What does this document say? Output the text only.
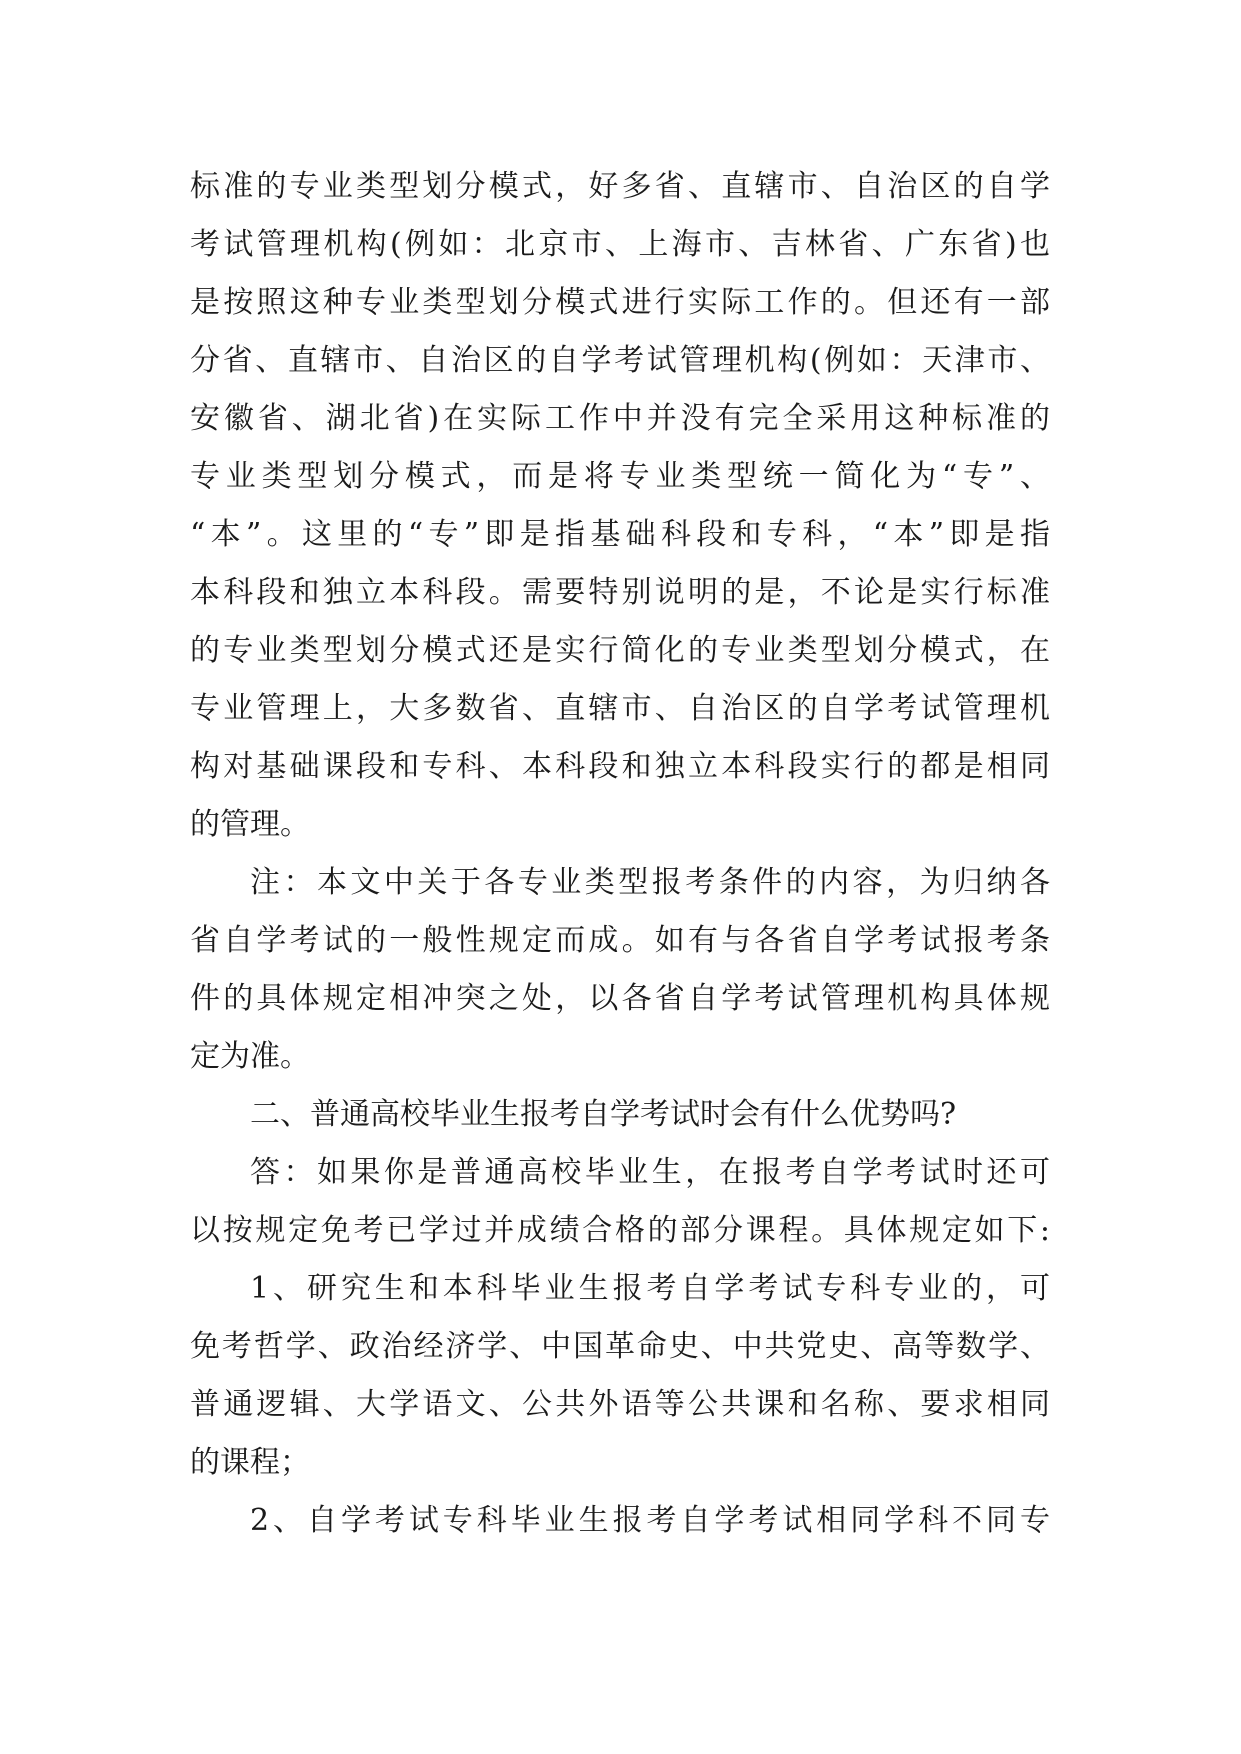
标准的专业类型划分模式，好多省、直辖市、自治区的自学
考试管理机构(例如：北京市、上海市、吉林省、广东省)也
是按照这种专业类型划分模式进行实际工作的。但还有一部
分省、直辖市、自治区的自学考试管理机构(例如：天津市、
安徽省、湖北省)在实际工作中并没有完全采用这种标准的
专业类型划分模式，而是将专业类型统一简化为“专”、
“本”。这里的“专”即是指基础科段和专科，“本”即是指
本科段和独立本科段。需要特别说明的是，不论是实行标准
的专业类型划分模式还是实行简化的专业类型划分模式，在
专业管理上，大多数省、直辖市、自治区的自学考试管理机
构对基础课段和专科、本科段和独立本科段实行的都是相同
的管理。
注：本文中关于各专业类型报考条件的内容，为归纳各
省自学考试的一般性规定而成。如有与各省自学考试报考条
件的具体规定相冲突之处，以各省自学考试管理机构具体规
定为准。
二、普通高校毕业生报考自学考试时会有什么优势吗?
答：如果你是普通高校毕业生，在报考自学考试时还可
以按规定免考已学过并成绩合格的部分课程。具体规定如下:
1、研究生和本科毕业生报考自学考试专科专业的，可
免考哲学、政治经济学、中国革命史、中共党史、高等数学、
普通逻辑、大学语文、公共外语等公共课和名称、要求相同
的课程；
2、自学考试专科毕业生报考自学考试相同学科不同专
